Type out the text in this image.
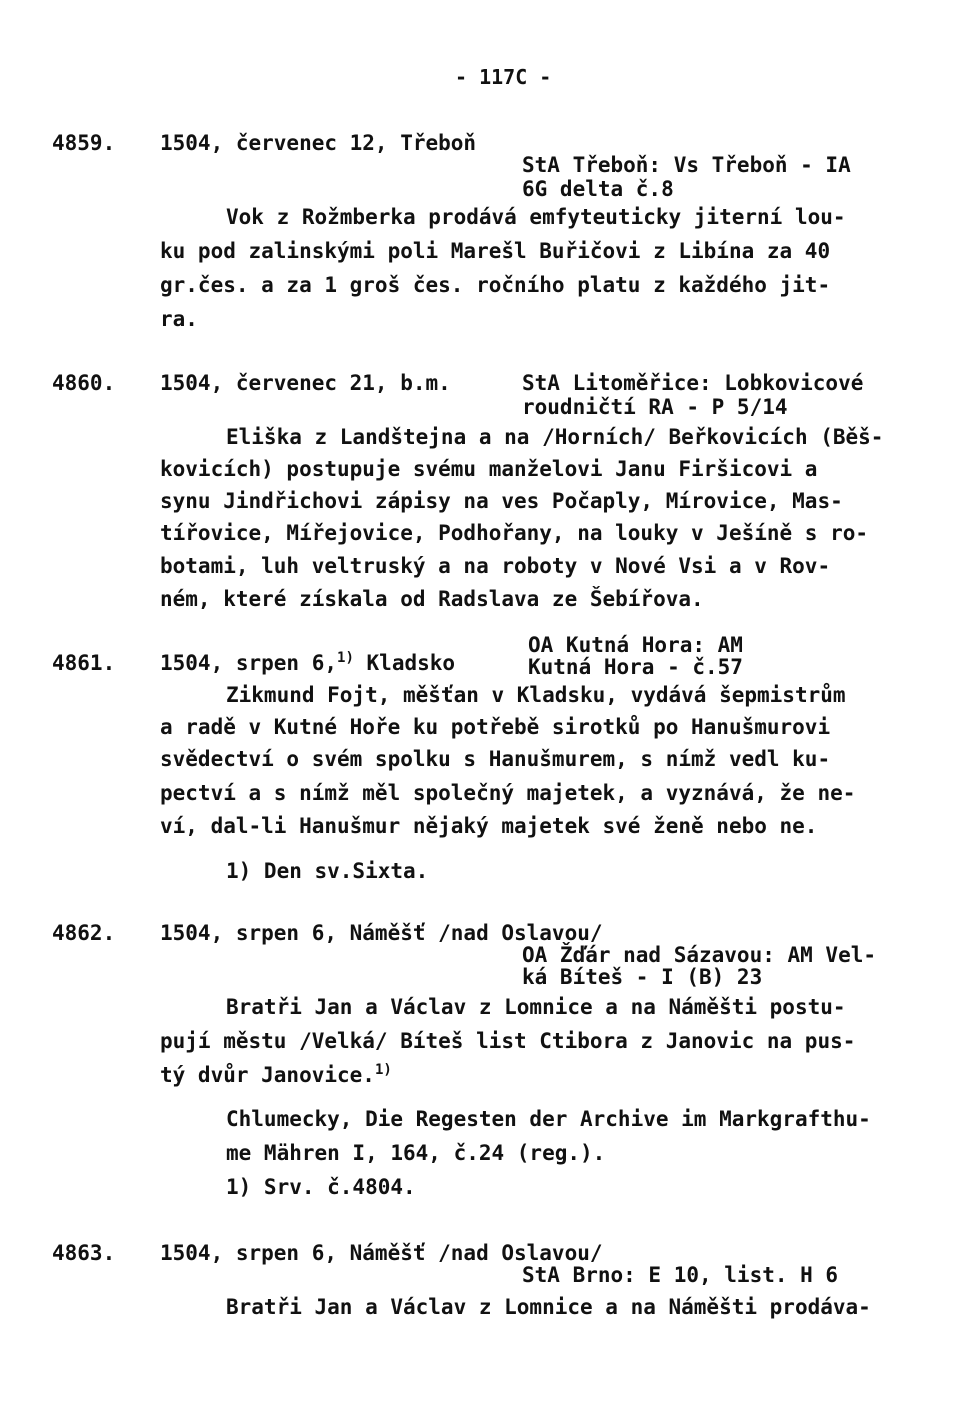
- 117C -
4859. 1504, červenec 12, Třeboň
StA Třeboň: Vs Třeboň - IA
6G delta č.8
Vok z Rožmberka prodává emfyteuticky jiterní lou-
ku pod zalinskými poli Marešl Buřičovi z Libína za 40
gr.čes. a za 1 groš čes. ročního platu z každého jit-
ra.
4860. 1504, červenec 21, b.m.	StA Litoměřice: Lobkovicové
roudničtí RA - P 5/14
Eliška z Landštejna a na /Horních/ Beřkovicích (Běš-
kovicích) postupuje svému manželovi Janu Firšicovi a
synu Jindřichovi zápisy na ves Počaply, Mírovice, Mas-
tířovice, Mířejovice, Podhořany, na louky v Ješíně s ro-
botami, luh veltruský a na roboty v Nové Vsi a v Rov-
ném, které získala od Radslava ze Šebířova.
4861. 1504, srpen 6,$^{1)}$ Kladsko
OA Kutná Hora: AM
Kutná Hora - č.57
Zikmund Fojt, měšťan v Kladsku, vydává šepmistrům
a radě v Kutné Hoře ku potřebě sirotků po Hanušmurovi
svědectví o svém spolku s Hanušmurem, s nímž vedl ku-
pectví a s nímž měl společný majetek, a vyznává, že ne-
ví, dal-li Hanušmur nějaký majetek své ženě nebo ne.
1) Den sv.Sixta.
4862. 1504, srpen 6, Náměšť /nad Oslavou/
OA Žďár nad Sázavou: AM Vel-
ká Bíteš - I (B) 23
Bratři Jan a Václav z Lomnice a na Náměšti postu-
pují městu /Velká/ Bíteš list Ctibora z Janovic na pus-
tý dvůr Janovice.$^{1)}$
Chlumecky, Die Regesten der Archive im Markgrafthu-
me Mähren I, 164, č.24 (reg.).
1) Srv. č.4804.
4863. 1504, srpen 6, Náměšť /nad Oslavou/
StA Brno: E 10, list. H 6
Bratři Jan a Václav z Lomnice a na Náměšti prodáva-
